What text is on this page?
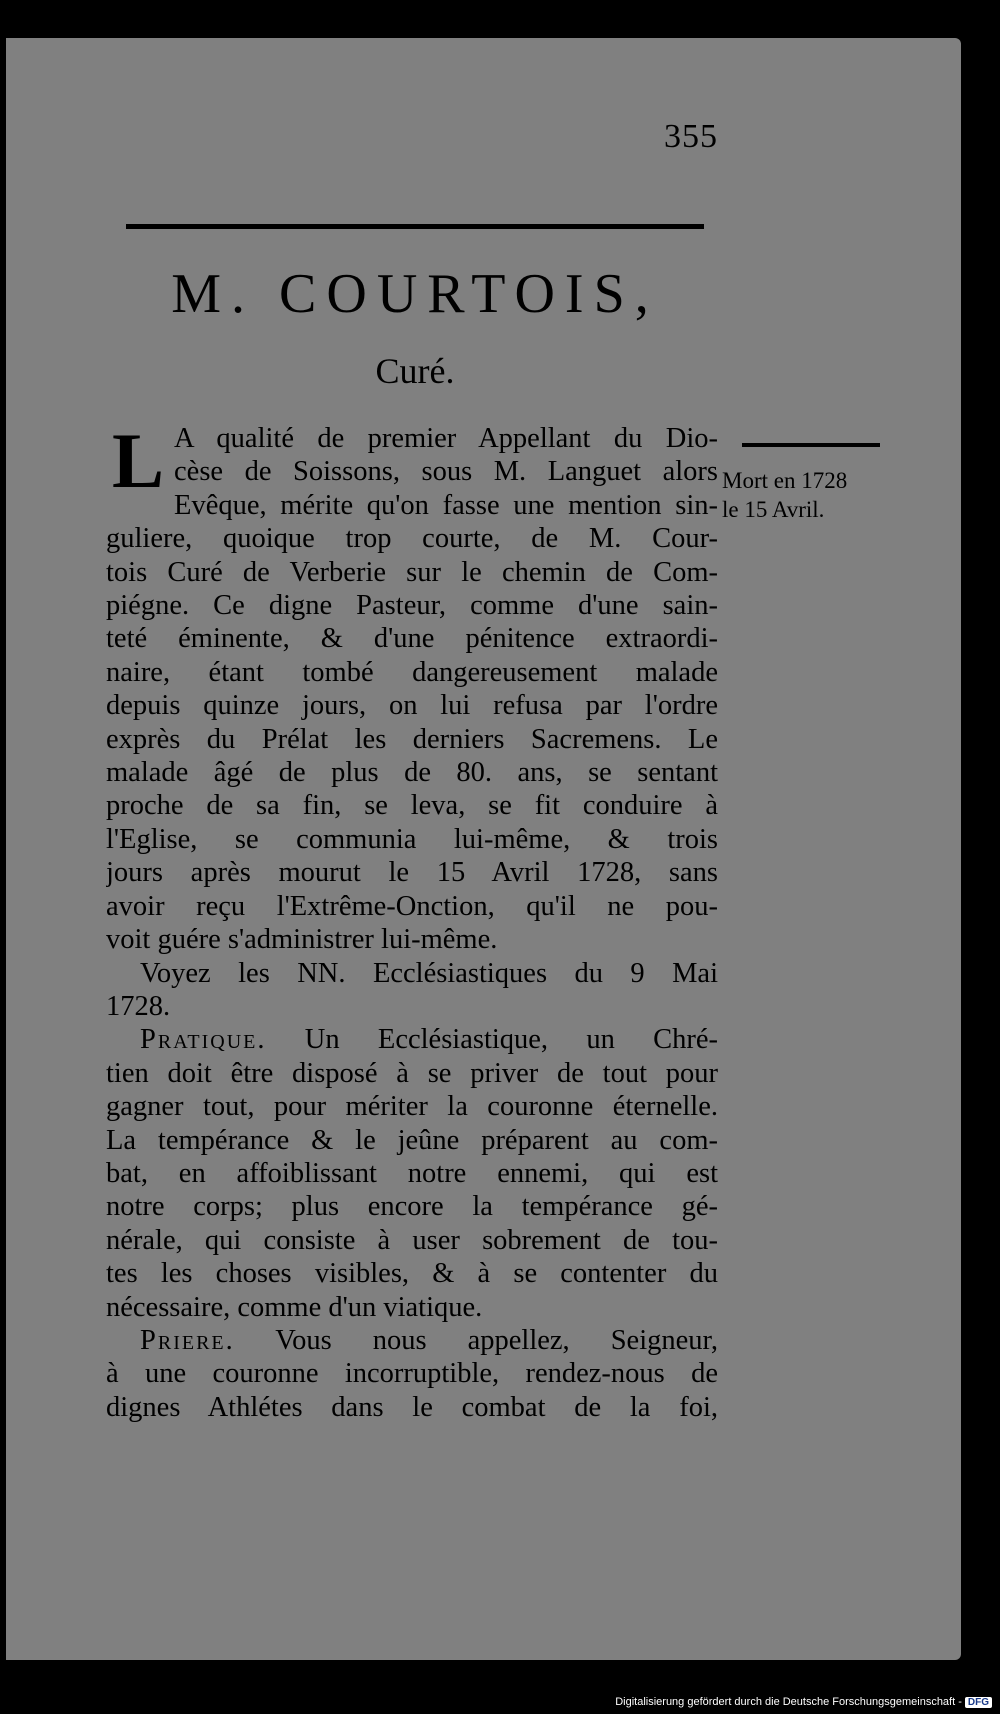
355
M. COURTOIS,
Curé.
Mort en 1728
le 15 Avril.
L A qualité de premier Appellant du Dio-
cèse de Soissons, sous M. Languet alors
Evêque, mérite qu'on fasse une mention sin-
guliere, quoique trop courte, de M. Cour-
tois Curé de Verberie sur le chemin de Com-
piégne. Ce digne Pasteur, comme d'une sain-
teté éminente, & d'une pénitence extraordi-
naire, étant tombé dangereusement malade
depuis quinze jours, on lui refusa par l'ordre
exprès du Prélat les derniers Sacremens. Le
malade âgé de plus de 80. ans, se sentant
proche de sa fin, se leva, se fit conduire à
l'Eglise, se communia lui-même, & trois
jours après mourut le 15 Avril 1728, sans
avoir reçu l'Extrême-Onction, qu'il ne pou-
voit guére s'administrer lui-même.
Voyez les NN. Ecclésiastiques du 9 Mai
1728.
Pratique. Un Ecclésiastique, un Chré-
tien doit être disposé à se priver de tout pour
gagner tout, pour mériter la couronne éternelle.
La tempérance & le jeûne préparent au com-
bat, en affoiblissant notre ennemi, qui est
notre corps; plus encore la tempérance gé-
nérale, qui consiste à user sobrement de tou-
tes les choses visibles, & à se contenter du
nécessaire, comme d'un viatique.
Priere. Vous nous appellez, Seigneur,
à une couronne incorruptible, rendez-nous de
dignes Athlétes dans le combat de la foi,
Digitalisierung gefördert durch die Deutsche Forschungsgemeinschaft - DFG
